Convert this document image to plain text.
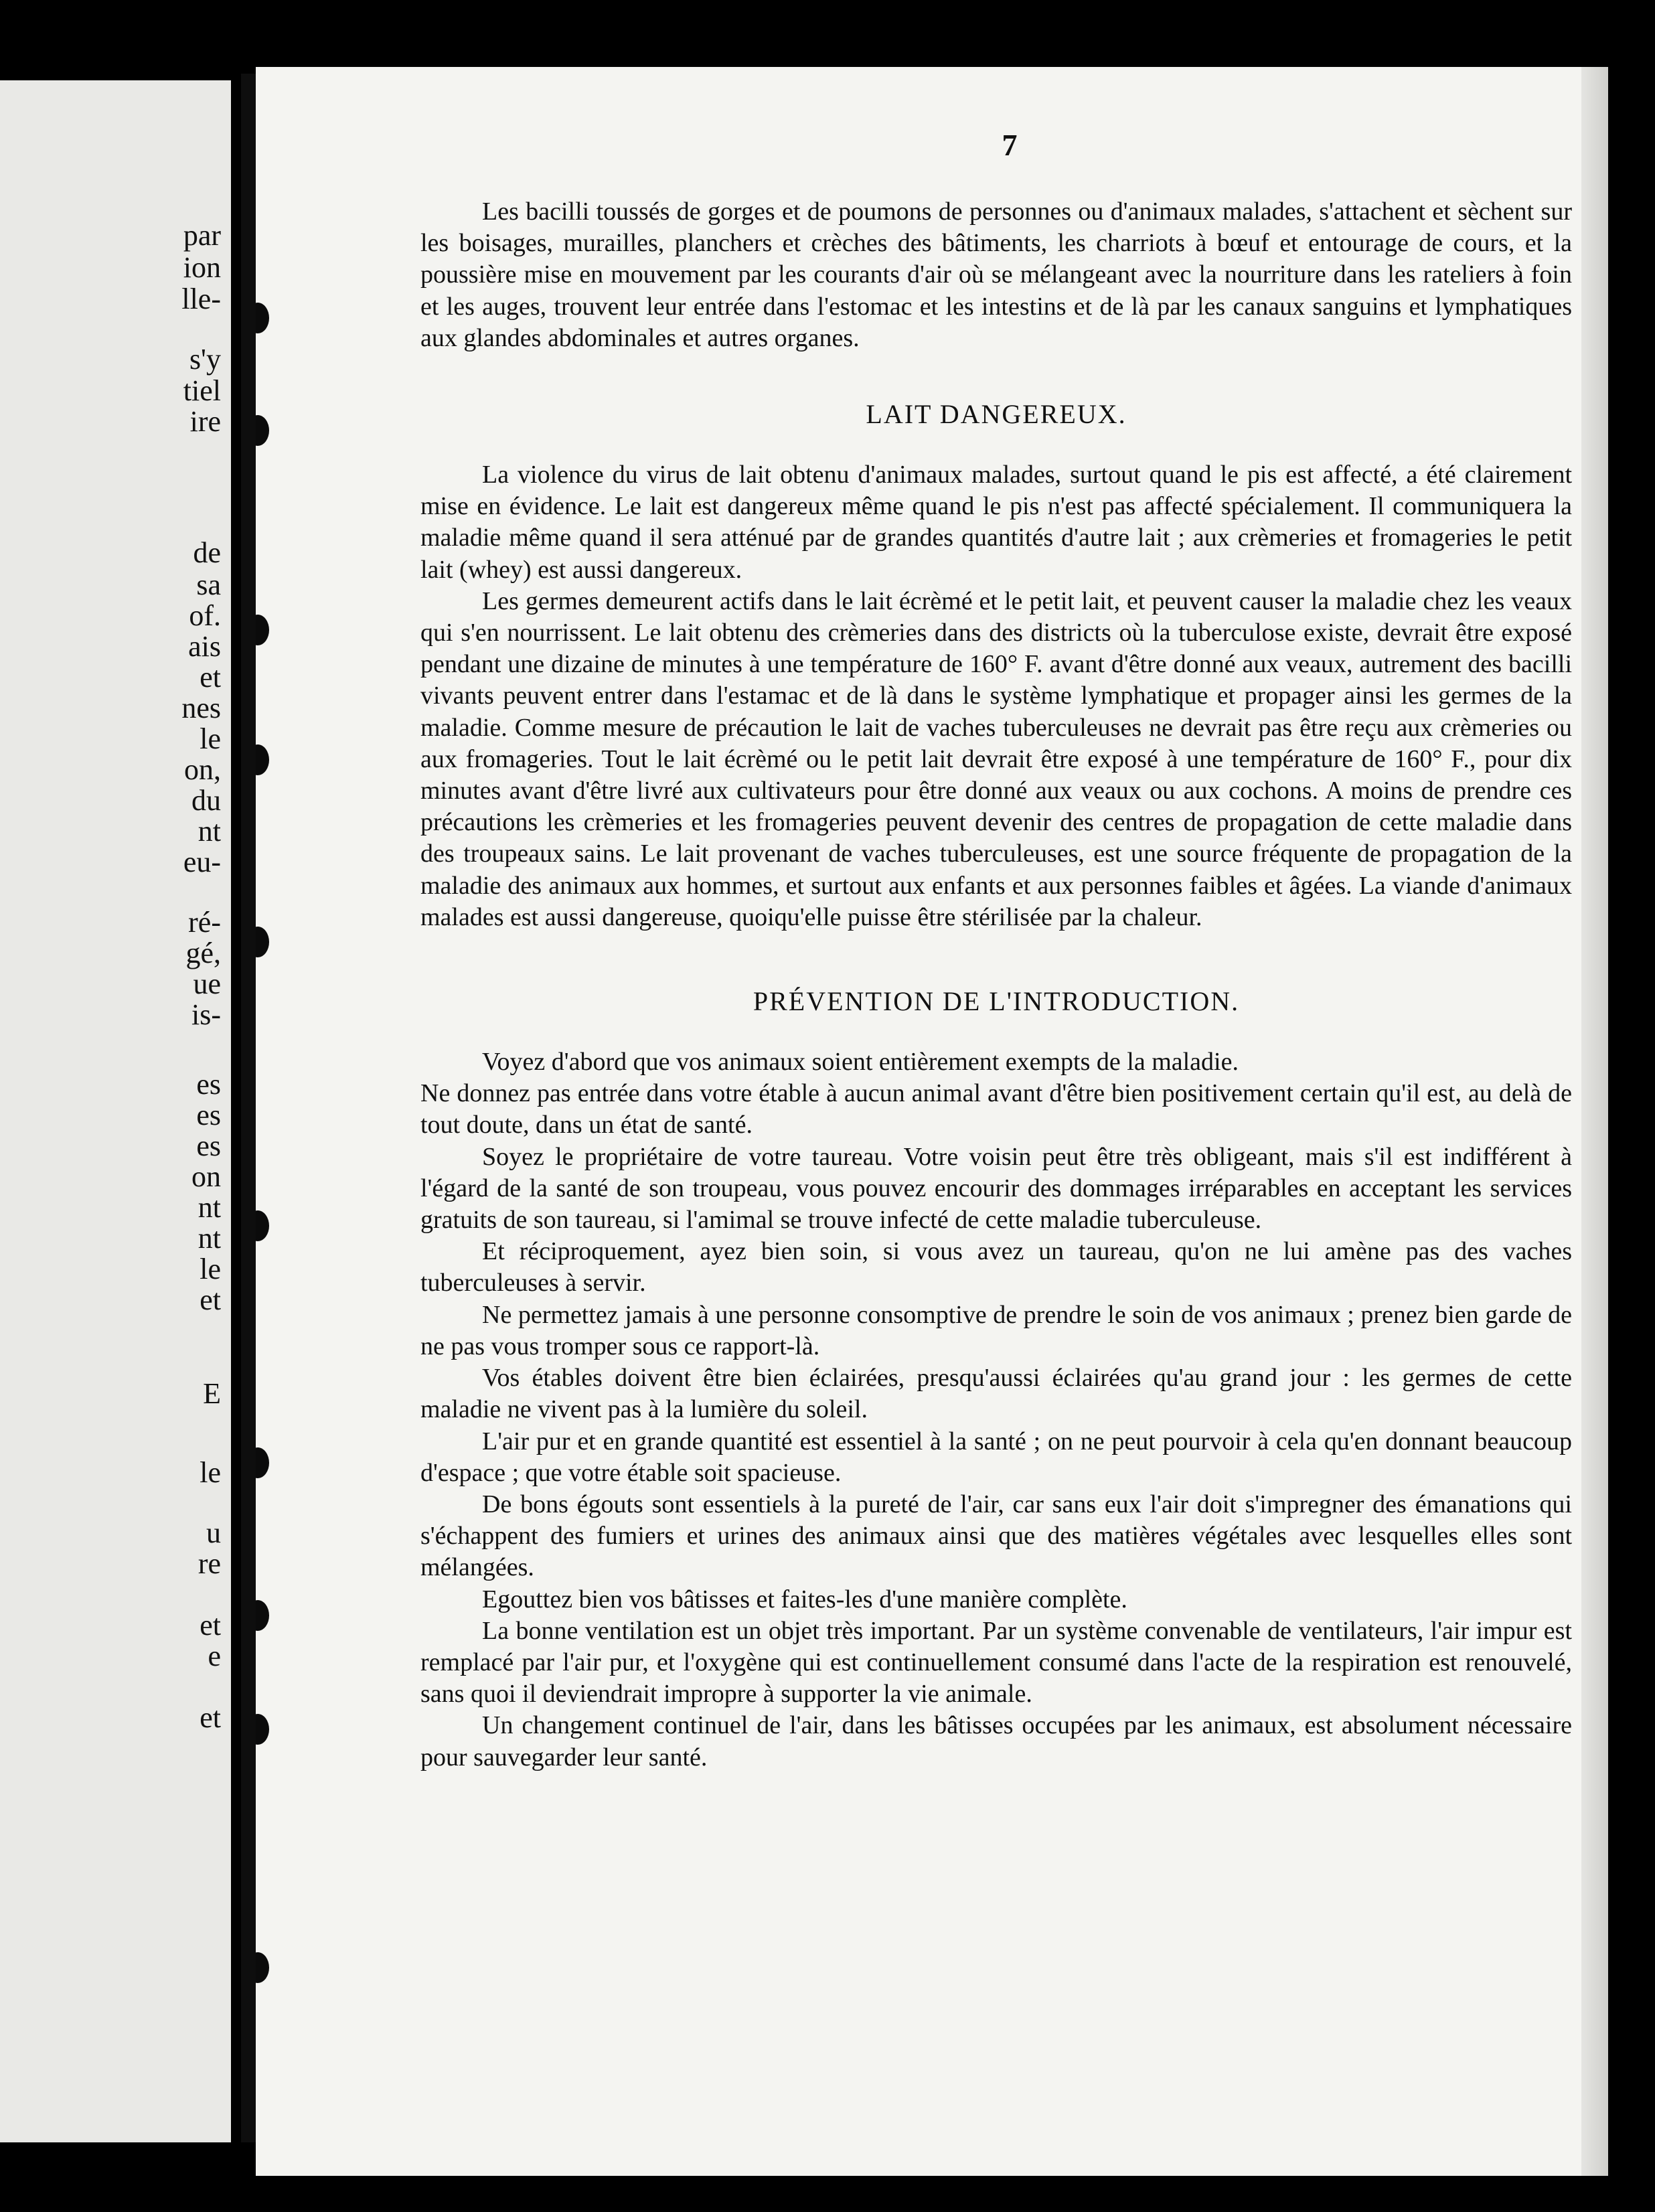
par
ion
lle-
s'y
tiel
ire
de
sa
of.
ais
et
nes
le
on,
du
nt
eu-
ré-
gé,
ue
is-
es
es
es
on
nt
nt
le
et
E
le
u
re
et
e
et
7

Les bacilli toussés de gorges et de poumons de personnes ou d'animaux malades, s'attachent et sèchent sur les boisages, murailles, planchers et crèches des bâtiments, les charriots à bœuf et entourage de cours, et la poussière mise en mouvement par les courants d'air où se mélangeant avec la nourriture dans les rateliers à foin et les auges, trouvent leur entrée dans l'estomac et les intestins et de là par les canaux sanguins et lymphatiques aux glandes abdominales et autres organes.

LAIT DANGEREUX.

La violence du virus de lait obtenu d'animaux malades, surtout quand le pis est affecté, a été clairement mise en évidence. Le lait est dangereux même quand le pis n'est pas affecté spécialement. Il communiquera la maladie même quand il sera atténué par de grandes quantités d'autre lait ; aux crèmeries et fromageries le petit lait (whey) est aussi dangereux.

Les germes demeurent actifs dans le lait écrèmé et le petit lait, et peuvent causer la maladie chez les veaux qui s'en nourrissent. Le lait obtenu des crèmeries dans des districts où la tuberculose existe, devrait être exposé pendant une dizaine de minutes à une température de 160° F. avant d'être donné aux veaux, autrement des bacilli vivants peuvent entrer dans l'estamac et de là dans le système lymphatique et propager ainsi les germes de la maladie. Comme mesure de précaution le lait de vaches tuberculeuses ne devrait pas être reçu aux crèmeries ou aux fromageries. Tout le lait écrèmé ou le petit lait devrait être exposé à une température de 160° F., pour dix minutes avant d'être livré aux cultivateurs pour être donné aux veaux ou aux cochons. A moins de prendre ces précautions les crèmeries et les fromageries peuvent devenir des centres de propagation de cette maladie dans des troupeaux sains. Le lait provenant de vaches tuberculeuses, est une source fréquente de propagation de la maladie des animaux aux hommes, et surtout aux enfants et aux personnes faibles et âgées. La viande d'animaux malades est aussi dangereuse, quoiqu'elle puisse être stérilisée par la chaleur.

PRÉVENTION DE L'INTRODUCTION.

Voyez d'abord que vos animaux soient entièrement exempts de la maladie.

Ne donnez pas entrée dans votre étable à aucun animal avant d'être bien positivement certain qu'il est, au delà de tout doute, dans un état de santé.

Soyez le propriétaire de votre taureau. Votre voisin peut être très obligeant, mais s'il est indifférent à l'égard de la santé de son troupeau, vous pouvez encourir des dommages irréparables en acceptant les services gratuits de son taureau, si l'amimal se trouve infecté de cette maladie tuberculeuse.

Et réciproquement, ayez bien soin, si vous avez un taureau, qu'on ne lui amène pas des vaches tuberculeuses à servir.

Ne permettez jamais à une personne consomptive de prendre le soin de vos animaux ; prenez bien garde de ne pas vous tromper sous ce rapport-là.

Vos étables doivent être bien éclairées, presqu'aussi éclairées qu'au grand jour : les germes de cette maladie ne vivent pas à la lumière du soleil.

L'air pur et en grande quantité est essentiel à la santé ; on ne peut pourvoir à cela qu'en donnant beaucoup d'espace ; que votre étable soit spacieuse.

De bons égouts sont essentiels à la pureté de l'air, car sans eux l'air doit s'impregner des émanations qui s'échappent des fumiers et urines des animaux ainsi que des matières végétales avec lesquelles elles sont mélangées.

Egouttez bien vos bâtisses et faites-les d'une manière complète.

La bonne ventilation est un objet très important. Par un système convenable de ventilateurs, l'air impur est remplacé par l'air pur, et l'oxygène qui est continuellement consumé dans l'acte de la respiration est renouvelé, sans quoi il deviendrait impropre à supporter la vie animale.

Un changement continuel de l'air, dans les bâtisses occupées par les animaux, est absolument nécessaire pour sauvegarder leur santé.
